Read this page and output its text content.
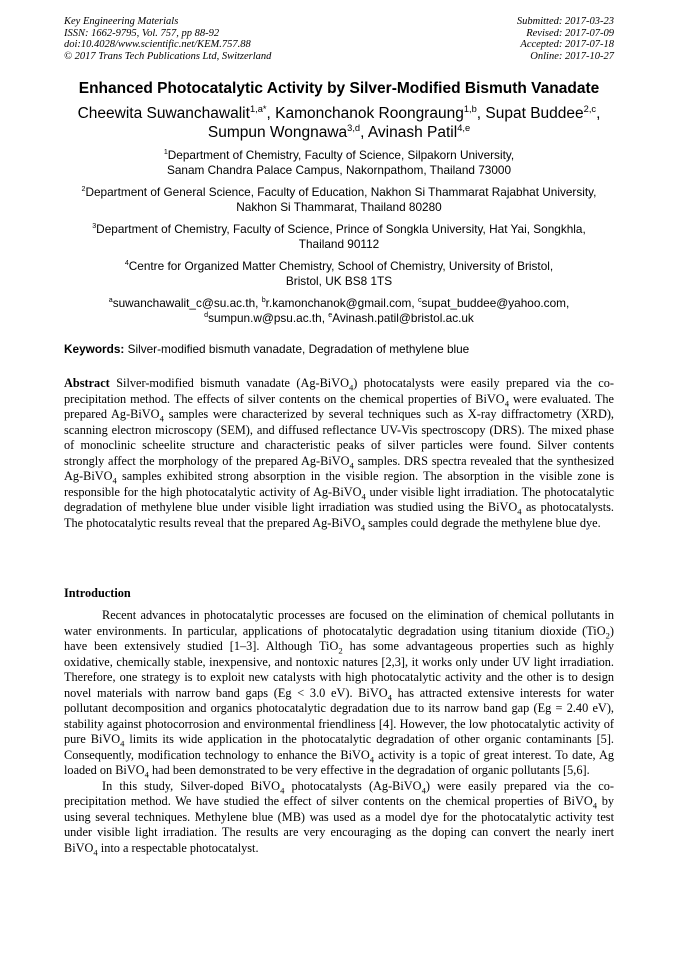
Key Engineering Materials
ISSN: 1662-9795, Vol. 757, pp 88-92
doi:10.4028/www.scientific.net/KEM.757.88
© 2017 Trans Tech Publications Ltd, Switzerland
Submitted: 2017-03-23
Revised: 2017-07-09
Accepted: 2017-07-18
Online: 2017-10-27
Enhanced Photocatalytic Activity by Silver-Modified Bismuth Vanadate
Cheewita Suwanchawalit$^{1,a*}$, Kamonchanok Roongraung$^{1,b}$, Supat Buddee$^{2,c}$,
Sumpun Wongnawa$^{3,d}$, Avinash Patil$^{4,e}$
$^1$Department of Chemistry, Faculty of Science, Silpakorn University,
Sanam Chandra Palace Campus, Nakornpathom, Thailand 73000
$^2$Department of General Science, Faculty of Education, Nakhon Si Thammarat Rajabhat University,
Nakhon Si Thammarat, Thailand 80280
$^3$Department of Chemistry, Faculty of Science, Prince of Songkla University, Hat Yai, Songkhla,
Thailand 90112
$^4$Centre for Organized Matter Chemistry, School of Chemistry, University of Bristol,
Bristol, UK BS8 1TS
$^a$suwanchawalit_c@su.ac.th, $^b$r.kamonchanok@gmail.com, $^c$supat_buddee@yahoo.com,
$^d$sumpun.w@psu.ac.th, $^e$Avinash.patil@bristol.ac.uk
Keywords: Silver-modified bismuth vanadate, Degradation of methylene blue

Abstract Silver-modified bismuth vanadate (Ag-BiVO$_4$) photocatalysts were easily prepared via the co-precipitation method. The effects of silver contents on the chemical properties of BiVO$_4$ were evaluated. The prepared Ag-BiVO$_4$ samples were characterized by several techniques such as X-ray diffractometry (XRD), scanning electron microscopy (SEM), and diffused reflectance UV-Vis spectroscopy (DRS). The mixed phase of monoclinic scheelite structure and characteristic peaks of silver particles were found. Silver contents strongly affect the morphology of the prepared Ag-BiVO$_4$ samples. DRS spectra revealed that the synthesized Ag-BiVO$_4$ samples exhibited strong absorption in the visible region. The absorption in the visible zone is responsible for the high photocatalytic activity of Ag-BiVO$_4$ under visible light irradiation. The photocatalytic degradation of methylene blue under visible light irradiation was studied using the BiVO$_4$ as photocatalysts. The photocatalytic results reveal that the prepared Ag-BiVO$_4$ samples could degrade the methylene blue dye.

Introduction

Recent advances in photocatalytic processes are focused on the elimination of chemical pollutants in water environments. In particular, applications of photocatalytic degradation using titanium dioxide (TiO$_2$) have been extensively studied [1–3]. Although TiO$_2$ has some advantageous properties such as highly oxidative, chemically stable, inexpensive, and nontoxic natures [2,3], it works only under UV light irradiation. Therefore, one strategy is to exploit new catalysts with high photocatalytic activity and the other is to design novel materials with narrow band gaps (Eg < 3.0 eV). BiVO$_4$ has attracted extensive interests for water pollutant decomposition and organics photocatalytic degradation due to its narrow band gap (Eg = 2.40 eV), stability against photocorrosion and environmental friendliness [4]. However, the low photocatalytic activity of pure BiVO$_4$ limits its wide application in the photocatalytic degradation of other organic contaminants [5]. Consequently, modification technology to enhance the BiVO$_4$ activity is a topic of great interest. To date, Ag loaded on BiVO$_4$ had been demonstrated to be very effective in the degradation of organic pollutants [5,6].

In this study, Silver-doped BiVO$_4$ photocatalysts (Ag-BiVO$_4$) were easily prepared via the co-precipitation method. We have studied the effect of silver contents on the chemical properties of BiVO$_4$ by using several techniques. Methylene blue (MB) was used as a model dye for the photocatalytic activity test under visible light irradiation. The results are very encouraging as the doping can convert the nearly inert BiVO$_4$ into a respectable photocatalyst.
